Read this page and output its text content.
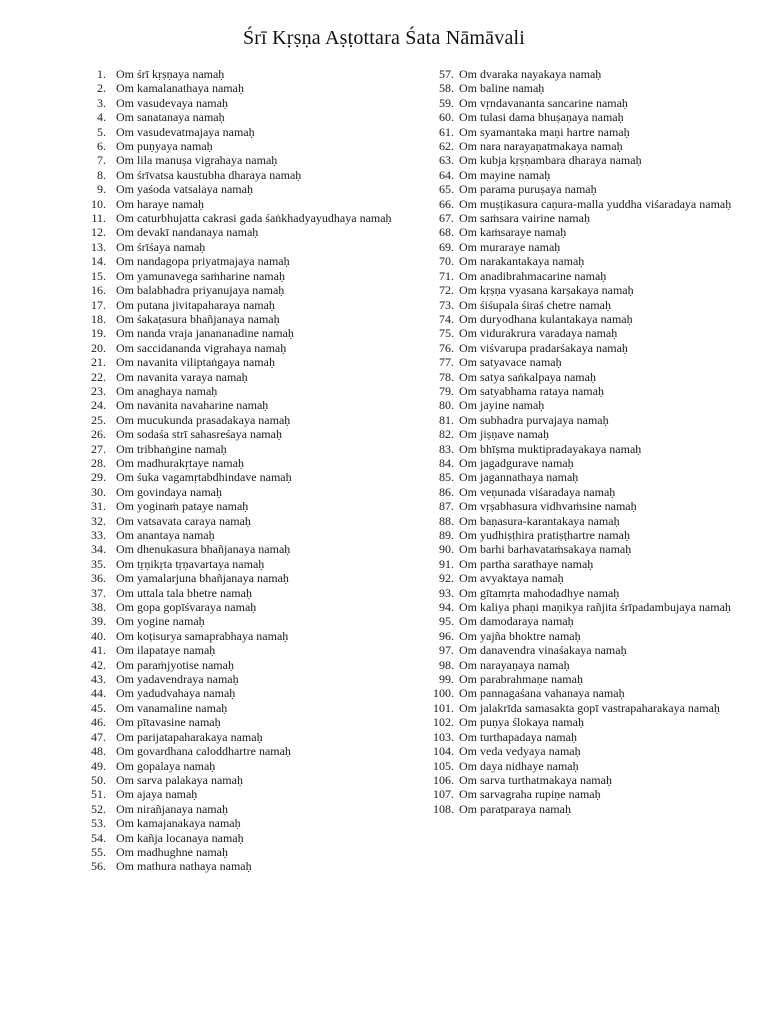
Śrī Kṛṣṇa Aṣṭottara Śata Nāmāvali
1. Om śrī kṛṣṇaya namaḥ
2. Om kamalanathaya namaḥ
3. Om vasudevaya namaḥ
4. Om sanatanaya namaḥ
5. Om vasudevatmajaya namaḥ
6. Om puṇyaya namaḥ
7. Om lila manuṣa vigrahaya namaḥ
8. Om śrīvatsa kaustubha dharaya namaḥ
9. Om yaśoda vatsalaya namaḥ
10. Om haraye namaḥ
11. Om caturbhujatta cakrasi gada śaṅkhadyayudhaya namaḥ
12. Om devakī nandanaya namaḥ
13. Om śrīśaya namaḥ
14. Om nandagopa priyatmajaya namaḥ
15. Om yamunavega saṁharine namaḥ
16. Om balabhadra priyanujaya namaḥ
17. Om putana jivitapaharaya namaḥ
18. Om śakaṭasura bhañjanaya namaḥ
19. Om nanda vraja janananadine namaḥ
20. Om saccidananda vigrahaya namaḥ
21. Om navanita viliptaṅgaya namaḥ
22. Om navanita varaya namaḥ
23. Om anaghaya namaḥ
24. Om navanita navaharine namaḥ
25. Om mucukunda prasadakaya namaḥ
26. Om sodaśa strī sahasreśaya namaḥ
27. Om tribhaṅgine namaḥ
28. Om madhurakṛtaye namaḥ
29. Om śuka vagamṛtabdhindave namaḥ
30. Om govindaya namaḥ
31. Om yoginaṁ pataye namaḥ
32. Om vatsavata caraya namaḥ
33. Om anantaya namaḥ
34. Om dhenukasura bhañjanaya namaḥ
35. Om tṛṇikṛta tṛṇavartaya namaḥ
36. Om yamalarjuna bhañjanaya namaḥ
37. Om uttala tala bhetre namaḥ
38. Om gopa gopīśvaraya namaḥ
39. Om yogine namaḥ
40. Om koṭisurya samaprabhaya namaḥ
41. Om ilapataye namaḥ
42. Om paraṁjyotise namaḥ
43. Om yadavendraya namaḥ
44. Om yadudvahaya namaḥ
45. Om vanamaline namaḥ
46. Om pītavasine namaḥ
47. Om parijatapaharakaya namaḥ
48. Om govardhana caloddhartre namaḥ
49. Om gopalaya namaḥ
50. Om sarva palakaya namaḥ
51. Om ajaya namaḥ
52. Om nirañjanaya namaḥ
53. Om kamajanakaya namaḥ
54. Om kañja locanaya namaḥ
55. Om madhughne namaḥ
56. Om mathura nathaya namaḥ
57. Om dvaraka nayakaya namaḥ
58. Om baline namaḥ
59. Om vṛndavananta sancarine namaḥ
60. Om tulasi dama bhuṣaṇaya namaḥ
61. Om syamantaka maṇi hartre namaḥ
62. Om nara narayaṇatmakaya namaḥ
63. Om kubja kṛṣṇambara dharaya namaḥ
64. Om mayine namaḥ
65. Om parama puruṣaya namaḥ
66. Om muṣṭikasura caṇura-malla yuddha viśaradaya namaḥ
67. Om saṁsara vairine namaḥ
68. Om kaṁsaraye namaḥ
69. Om muraraye namaḥ
70. Om narakantakaya namaḥ
71. Om anadibrahmacarine namaḥ
72. Om kṛṣṇa vyasana karṣakaya namaḥ
73. Om śiśupala śiraś chetre namaḥ
74. Om duryodhana kulantakaya namaḥ
75. Om vidurakrura varadaya namaḥ
76. Om viśvarupa pradarśakaya namaḥ
77. Om satyavace namaḥ
78. Om satya saṅkalpaya namaḥ
79. Om satyabhama rataya namaḥ
80. Om jayine namaḥ
81. Om subhadra purvajaya namaḥ
82. Om jiṣṇave namaḥ
83. Om bhīṣma muktipradayakaya namaḥ
84. Om jagadgurave namaḥ
85. Om jagannathaya namaḥ
86. Om veṇunada viśaradaya namaḥ
87. Om vṛṣabhasura vidhvaṁsine namaḥ
88. Om baṇasura-karantakaya namaḥ
89. Om yudhiṣṭhira pratiṣṭhartre namaḥ
90. Om barhi barhavataṁsakaya namaḥ
91. Om partha sarathaye namaḥ
92. Om avyaktaya namaḥ
93. Om gītamṛta mahodadhye namaḥ
94. Om kaliya phaṇi maṇikya rañjita śrīpadambujaya namaḥ
95. Om damodaraya namaḥ
96. Om yajña bhoktre namaḥ
97. Om danavendra vinaśakaya namaḥ
98. Om narayaṇaya namaḥ
99. Om parabrahmaṇe namaḥ
100. Om pannagaśana vahanaya namaḥ
101. Om jalakrīda samasakta gopī vastrapaharakaya namaḥ
102. Om puṇya ślokaya namaḥ
103. Om turthapadaya namaḥ
104. Om veda vedyaya namaḥ
105. Om daya nidhaye namaḥ
106. Om sarva turthatmakaya namaḥ
107. Om sarvagraha rupiṇe namaḥ
108. Om paratparaya namaḥ
